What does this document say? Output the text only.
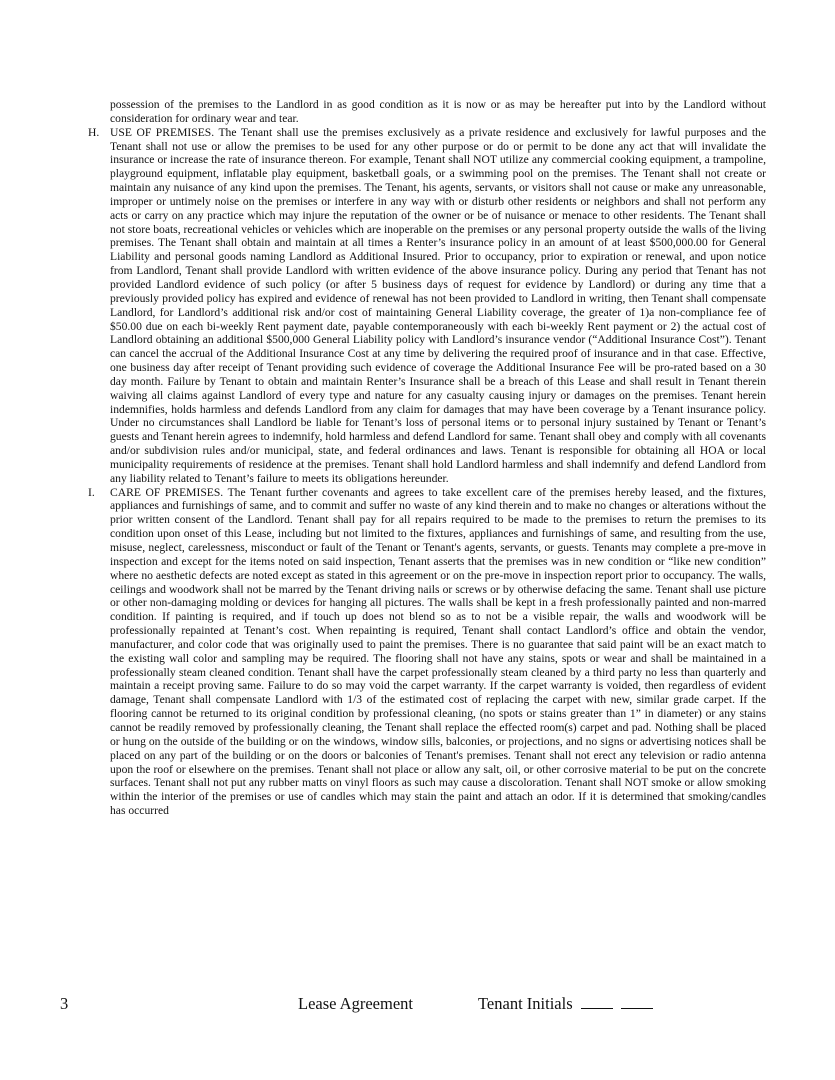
possession of the premises to the Landlord in as good condition as it is now or as may be hereafter put into by the Landlord without consideration for ordinary wear and tear.

H. USE OF PREMISES. The Tenant shall use the premises exclusively as a private residence and exclusively for lawful purposes and the Tenant shall not use or allow the premises to be used for any other purpose or do or permit to be done any act that will invalidate the insurance or increase the rate of insurance thereon. For example, Tenant shall NOT utilize any commercial cooking equipment, a trampoline, playground equipment, inflatable play equipment, basketball goals, or a swimming pool on the premises. The Tenant shall not create or maintain any nuisance of any kind upon the premises. The Tenant, his agents, servants, or visitors shall not cause or make any unreasonable, improper or untimely noise on the premises or interfere in any way with or disturb other residents or neighbors and shall not perform any acts or carry on any practice which may injure the reputation of the owner or be of nuisance or menace to other residents. The Tenant shall not store boats, recreational vehicles or vehicles which are inoperable on the premises or any personal property outside the walls of the living premises. The Tenant shall obtain and maintain at all times a Renter’s insurance policy in an amount of at least $500,000.00 for General Liability and personal goods naming Landlord as Additional Insured. Prior to occupancy, prior to expiration or renewal, and upon notice from Landlord, Tenant shall provide Landlord with written evidence of the above insurance policy. During any period that Tenant has not provided Landlord evidence of such policy (or after 5 business days of request for evidence by Landlord) or during any time that a previously provided policy has expired and evidence of renewal has not been provided to Landlord in writing, then Tenant shall compensate Landlord, for Landlord’s additional risk and/or cost of maintaining General Liability coverage, the greater of 1)a non-compliance fee of $50.00 due on each bi-weekly Rent payment date, payable contemporaneously with each bi-weekly Rent payment or 2) the actual cost of Landlord obtaining an additional $500,000 General Liability policy with Landlord’s insurance vendor (“Additional Insurance Cost”). Tenant can cancel the accrual of the Additional Insurance Cost at any time by delivering the required proof of insurance and in that case. Effective, one business day after receipt of Tenant providing such evidence of coverage the Additional Insurance Fee will be pro-rated based on a 30 day month. Failure by Tenant to obtain and maintain Renter’s Insurance shall be a breach of this Lease and shall result in Tenant therein waiving all claims against Landlord of every type and nature for any casualty causing injury or damages on the premises. Tenant herein indemnifies, holds harmless and defends Landlord from any claim for damages that may have been coverage by a Tenant insurance policy. Under no circumstances shall Landlord be liable for Tenant’s loss of personal items or to personal injury sustained by Tenant or Tenant’s guests and Tenant herein agrees to indemnify, hold harmless and defend Landlord for same. Tenant shall obey and comply with all covenants and/or subdivision rules and/or municipal, state, and federal ordinances and laws. Tenant is responsible for obtaining all HOA or local municipality requirements of residence at the premises. Tenant shall hold Landlord harmless and shall indemnify and defend Landlord from any liability related to Tenant’s failure to meets its obligations hereunder.
I. CARE OF PREMISES. The Tenant further covenants and agrees to take excellent care of the premises hereby leased, and the fixtures, appliances and furnishings of same, and to commit and suffer no waste of any kind therein and to make no changes or alterations without the prior written consent of the Landlord. Tenant shall pay for all repairs required to be made to the premises to return the premises to its condition upon onset of this Lease, including but not limited to the fixtures, appliances and furnishings of same, and resulting from the use, misuse, neglect, carelessness, misconduct or fault of the Tenant or Tenant's agents, servants, or guests. Tenants may complete a pre-move in inspection and except for the items noted on said inspection, Tenant asserts that the premises was in new condition or “like new condition” where no aesthetic defects are noted except as stated in this agreement or on the pre-move in inspection report prior to occupancy. The walls, ceilings and woodwork shall not be marred by the Tenant driving nails or screws or by otherwise defacing the same. Tenant shall use picture or other non-damaging molding or devices for hanging all pictures. The walls shall be kept in a fresh professionally painted and non-marred condition. If painting is required, and if touch up does not blend so as to not be a visible repair, the walls and woodwork will be professionally repainted at Tenant’s cost. When repainting is required, Tenant shall contact Landlord’s office and obtain the vendor, manufacturer, and color code that was originally used to paint the premises. There is no guarantee that said paint will be an exact match to the existing wall color and sampling may be required. The flooring shall not have any stains, spots or wear and shall be maintained in a professionally steam cleaned condition. Tenant shall have the carpet professionally steam cleaned by a third party no less than quarterly and maintain a receipt proving same. Failure to do so may void the carpet warranty. If the carpet warranty is voided, then regardless of evident damage, Tenant shall compensate Landlord with 1/3 of the estimated cost of replacing the carpet with new, similar grade carpet. If the flooring cannot be returned to its original condition by professional cleaning, (no spots or stains greater than 1” in diameter) or any stains cannot be readily removed by professionally cleaning, the Tenant shall replace the effected room(s) carpet and pad. Nothing shall be placed or hung on the outside of the building or on the windows, window sills, balconies, or projections, and no signs or advertising notices shall be placed on any part of the building or on the doors or balconies of Tenant's premises. Tenant shall not erect any television or radio antenna upon the roof or elsewhere on the premises. Tenant shall not place or allow any salt, oil, or other corrosive material to be put on the concrete surfaces. Tenant shall not put any rubber matts on vinyl floors as such may cause a discoloration. Tenant shall NOT smoke or allow smoking within the interior of the premises or use of candles which may stain the paint and attach an odor. If it is determined that smoking/candles has occurred
3	Lease Agreement	Tenant Initials
